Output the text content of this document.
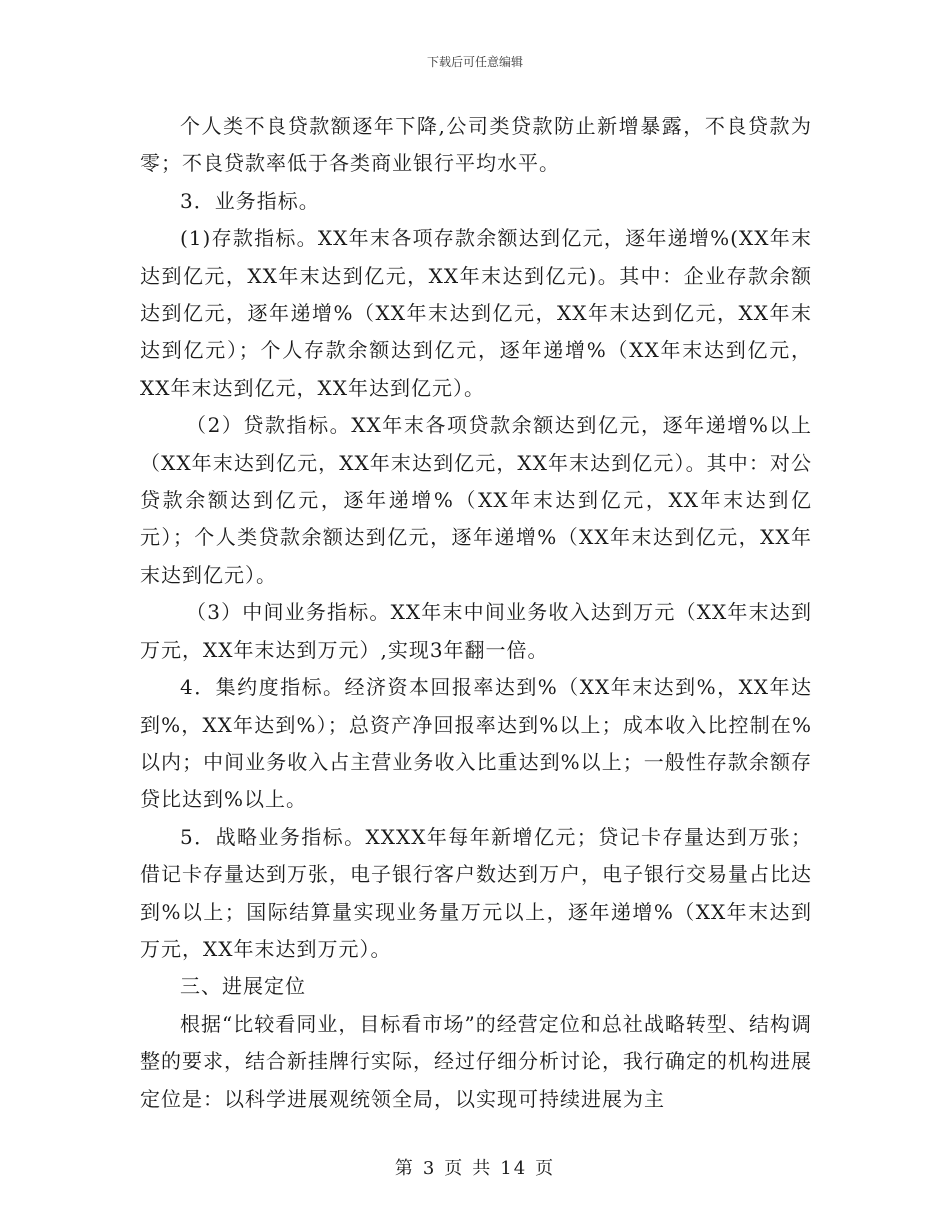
下载后可任意编辑

个人类不良贷款额逐年下降,公司类贷款防止新增暴露，不良贷款为零；不良贷款率低于各类商业银行平均水平。

3．业务指标。

(1)存款指标。XX年末各项存款余额达到亿元，逐年递增%(XX年末达到亿元，XX年末达到亿元，XX年末达到亿元)。其中：企业存款余额达到亿元，逐年递增%（XX年末达到亿元，XX年末达到亿元，XX年末达到亿元）；个人存款余额达到亿元，逐年递增%（XX年末达到亿元，XX年末达到亿元，XX年达到亿元）。

（2）贷款指标。XX年末各项贷款余额达到亿元，逐年递增%以上（XX年末达到亿元，XX年末达到亿元，XX年末达到亿元）。其中：对公贷款余额达到亿元，逐年递增%（XX年末达到亿元，XX年末达到亿元）；个人类贷款余额达到亿元，逐年递增%（XX年末达到亿元，XX年末达到亿元）。

（3）中间业务指标。XX年末中间业务收入达到万元（XX年末达到万元，XX年末达到万元）,实现3年翻一倍。

4．集约度指标。经济资本回报率达到%（XX年末达到%，XX年达到%，XX年达到%）；总资产净回报率达到%以上；成本收入比控制在%以内；中间业务收入占主营业务收入比重达到%以上；一般性存款余额存贷比达到%以上。

5．战略业务指标。XXXX年每年新增亿元；贷记卡存量达到万张；借记卡存量达到万张，电子银行客户数达到万户，电子银行交易量占比达到%以上；国际结算量实现业务量万元以上，逐年递增%（XX年末达到万元，XX年末达到万元）。

三、进展定位

根据“比较看同业，目标看市场”的经营定位和总社战略转型、结构调整的要求，结合新挂牌行实际，经过仔细分析讨论，我行确定的机构进展定位是：以科学进展观统领全局，以实现可持续进展为主

第 3 页 共 14 页
